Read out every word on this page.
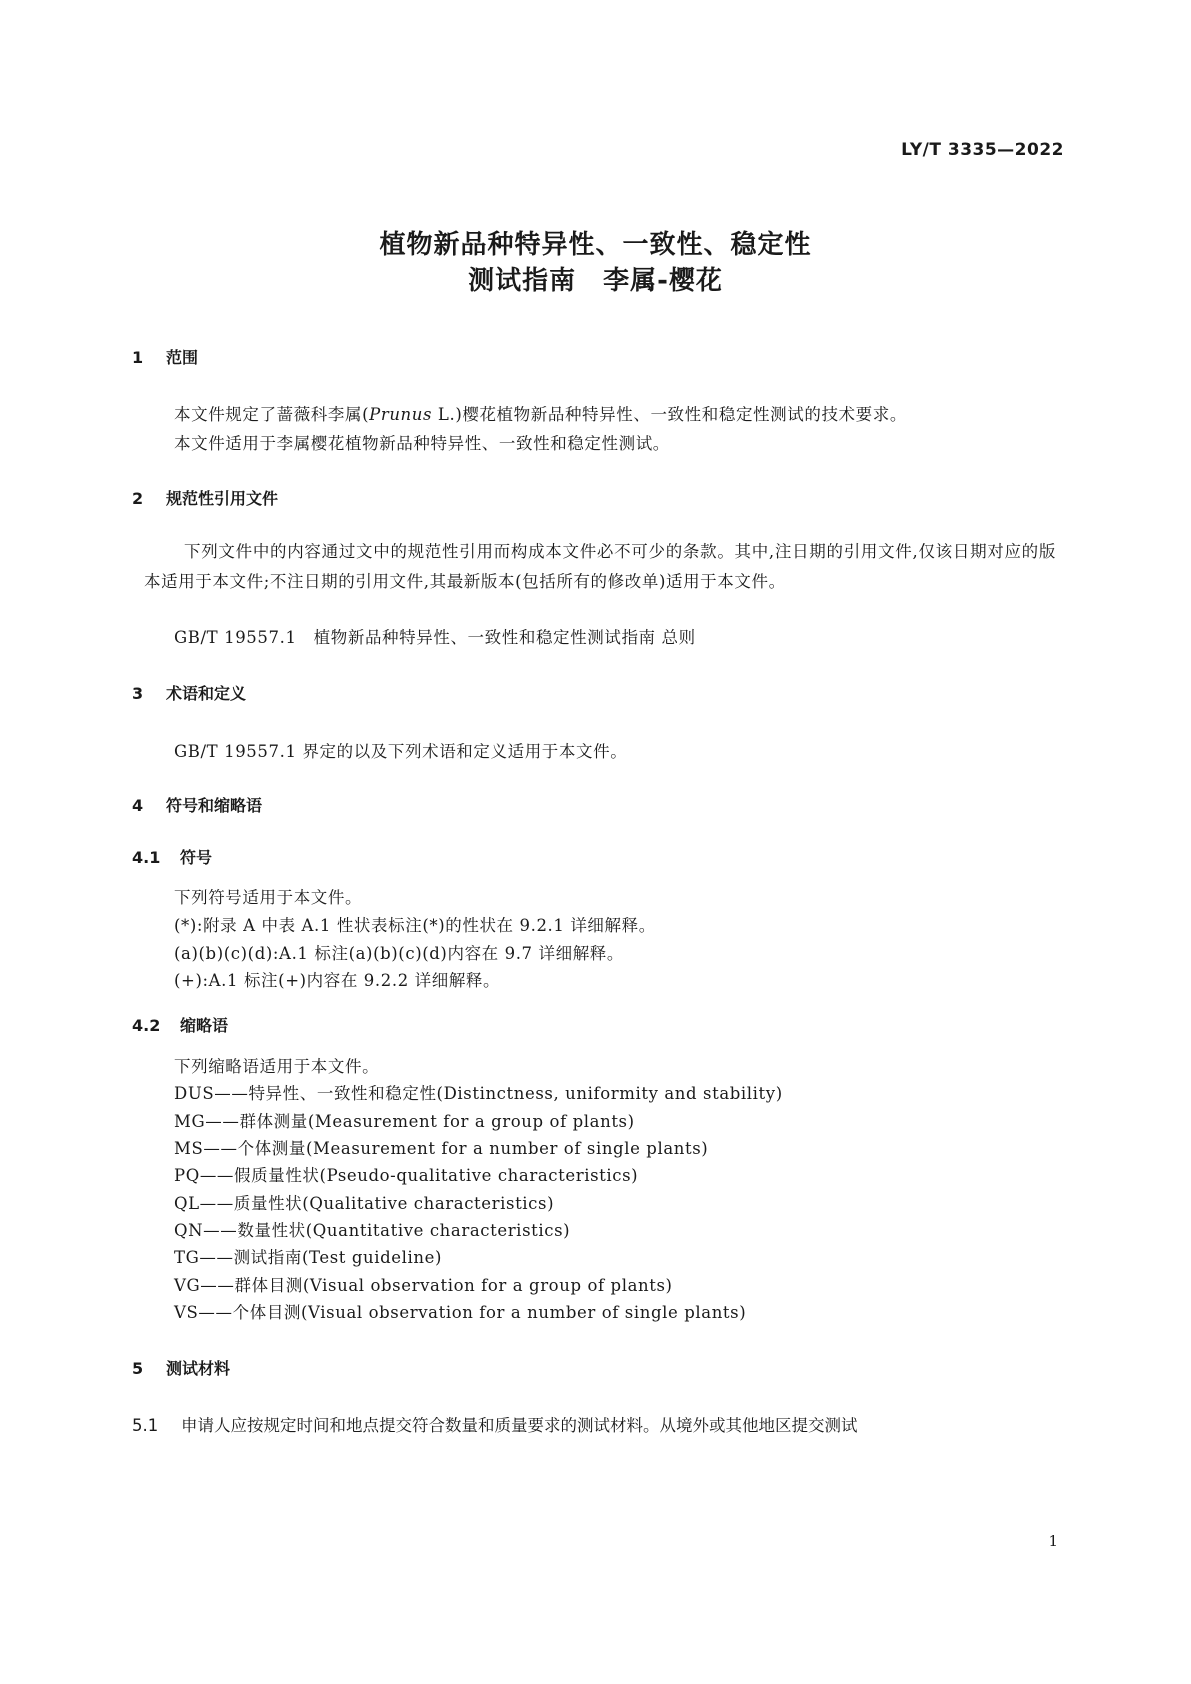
LY/T 3335—2022
植物新品种特异性、一致性、稳定性
测试指南　李属-樱花
1 范围
本文件规定了蔷薇科李属(Prunus L.)樱花植物新品种特异性、一致性和稳定性测试的技术要求。
本文件适用于李属樱花植物新品种特异性、一致性和稳定性测试。
2 规范性引用文件
下列文件中的内容通过文中的规范性引用而构成本文件必不可少的条款。其中,注日期的引用文件,仅该日期对应的版本适用于本文件;不注日期的引用文件,其最新版本(包括所有的修改单)适用于本文件。
GB/T 19557.1　植物新品种特异性、一致性和稳定性测试指南 总则
3 术语和定义
GB/T 19557.1 界定的以及下列术语和定义适用于本文件。
4 符号和缩略语
4.1 符号
下列符号适用于本文件。
(*):附录 A 中表 A.1 性状表标注(*)的性状在 9.2.1 详细解释。
(a)(b)(c)(d):A.1 标注(a)(b)(c)(d)内容在 9.7 详细解释。
(+):A.1 标注(+)内容在 9.2.2 详细解释。
4.2 缩略语
下列缩略语适用于本文件。
DUS——特异性、一致性和稳定性(Distinctness, uniformity and stability)
MG——群体测量(Measurement for a group of plants)
MS——个体测量(Measurement for a number of single plants)
PQ——假质量性状(Pseudo-qualitative characteristics)
QL——质量性状(Qualitative characteristics)
QN——数量性状(Quantitative characteristics)
TG——测试指南(Test guideline)
VG——群体目测(Visual observation for a group of plants)
VS——个体目测(Visual observation for a number of single plants)
5 测试材料
5.1 申请人应按规定时间和地点提交符合数量和质量要求的测试材料。从境外或其他地区提交测试
1
